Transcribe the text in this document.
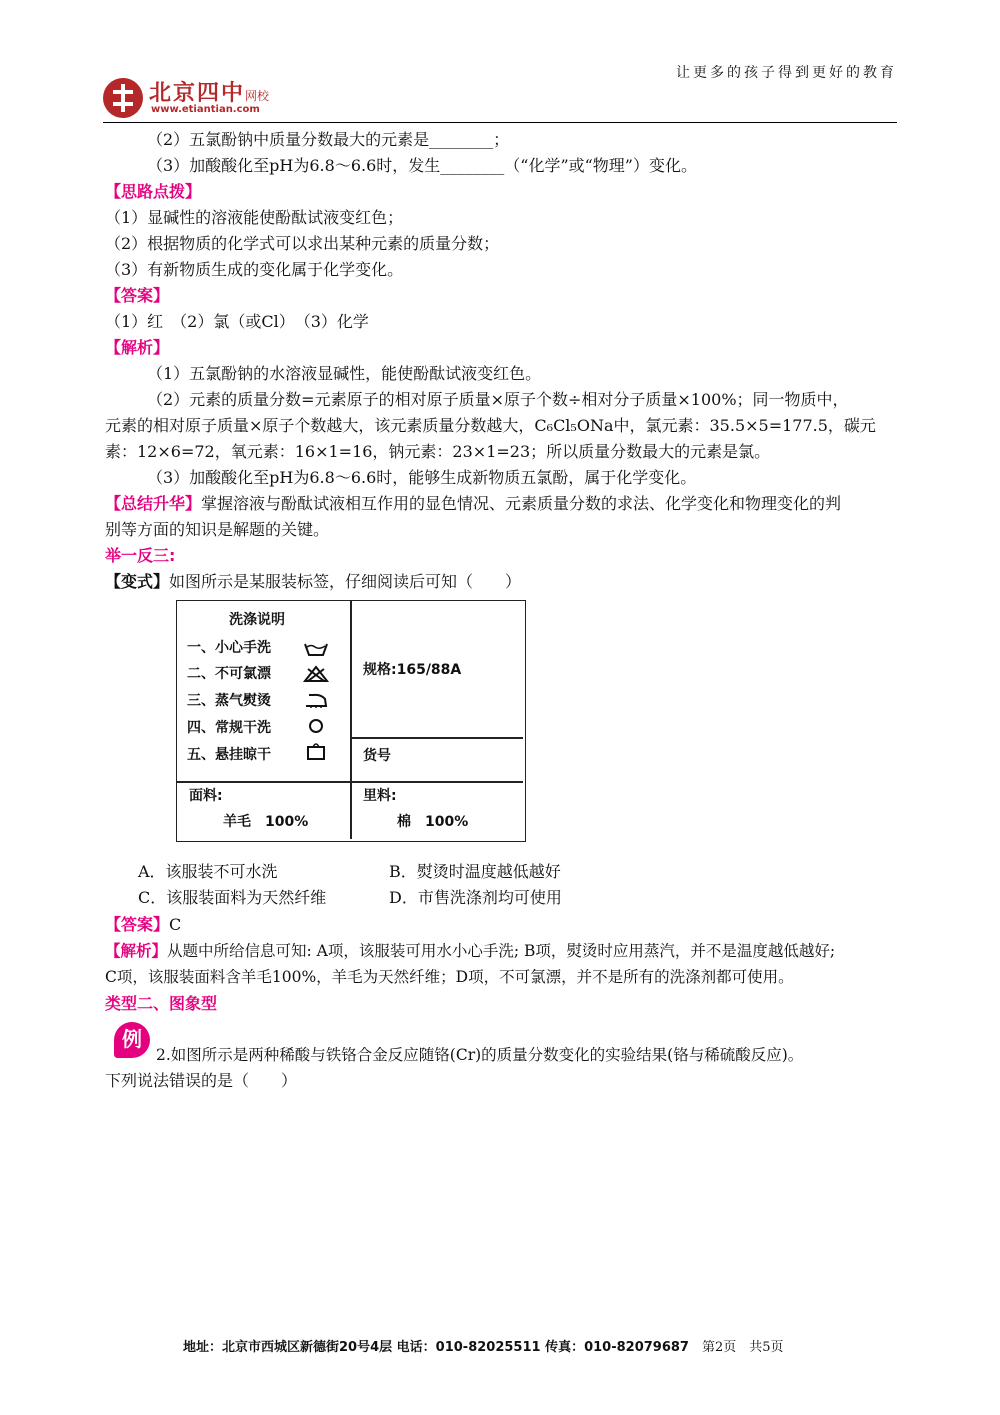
让更多的孩子得到更好的教育
北京四中网校
www.etiantian.com
（2）五氯酚钠中质量分数最大的元素是________；
（3）加酸酸化至pH为6.8～6.6时，发生________（“化学”或“物理”）变化。
【思路点拨】
（1）显碱性的溶液能使酚酞试液变红色；
（2）根据物质的化学式可以求出某种元素的质量分数；
（3）有新物质生成的变化属于化学变化。
【答案】
（1）红　（2）氯（或Cl）　（3）化学
【解析】
（1）五氯酚钠的水溶液显碱性，能使酚酞试液变红色。
（2）元素的质量分数=元素原子的相对原子质量×原子个数÷相对分子质量×100%；同一物质中，
元素的相对原子质量×原子个数越大，该元素质量分数越大，C₆Cl₅ONa中，氯元素：35.5×5=177.5，碳元
素：12×6=72，氧元素：16×1=16，钠元素：23×1=23；所以质量分数最大的元素是氯。
（3）加酸酸化至pH为6.8～6.6时，能够生成新物质五氯酚，属于化学变化。
【总结升华】掌握溶液与酚酞试液相互作用的显色情况、元素质量分数的求法、化学变化和物理变化的判
别等方面的知识是解题的关键。
举一反三:
【变式】如图所示是某服装标签，仔细阅读后可知（　　）
洗涤说明
一、小心手洗
二、不可氯漂
三、蒸气熨烫
四、常规干洗
五、悬挂晾干
规格:165/88A
货号
面料:
羊毛　100%
里料:
棉　100%
A．该服装不可水洗	B．熨烫时温度越低越好
C．该服装面料为天然纤维	D．市售洗涤剂均可使用
【答案】C
【解析】从题中所给信息可知: A项，该服装可用水小心手洗; B项，熨烫时应用蒸汽，并不是温度越低越好;
C项，该服装面料含羊毛100%，羊毛为天然纤维；D项，不可氯漂，并不是所有的洗涤剂都可使用。
类型二、图象型
例
2.如图所示是两种稀酸与铁铬合金反应随铬(Cr)的质量分数变化的实验结果(铬与稀硫酸反应)。
下列说法错误的是（　　）
地址：北京市西城区新德街20号4层 电话：010-82025511 传真：010-82079687　 第2页　共5页
